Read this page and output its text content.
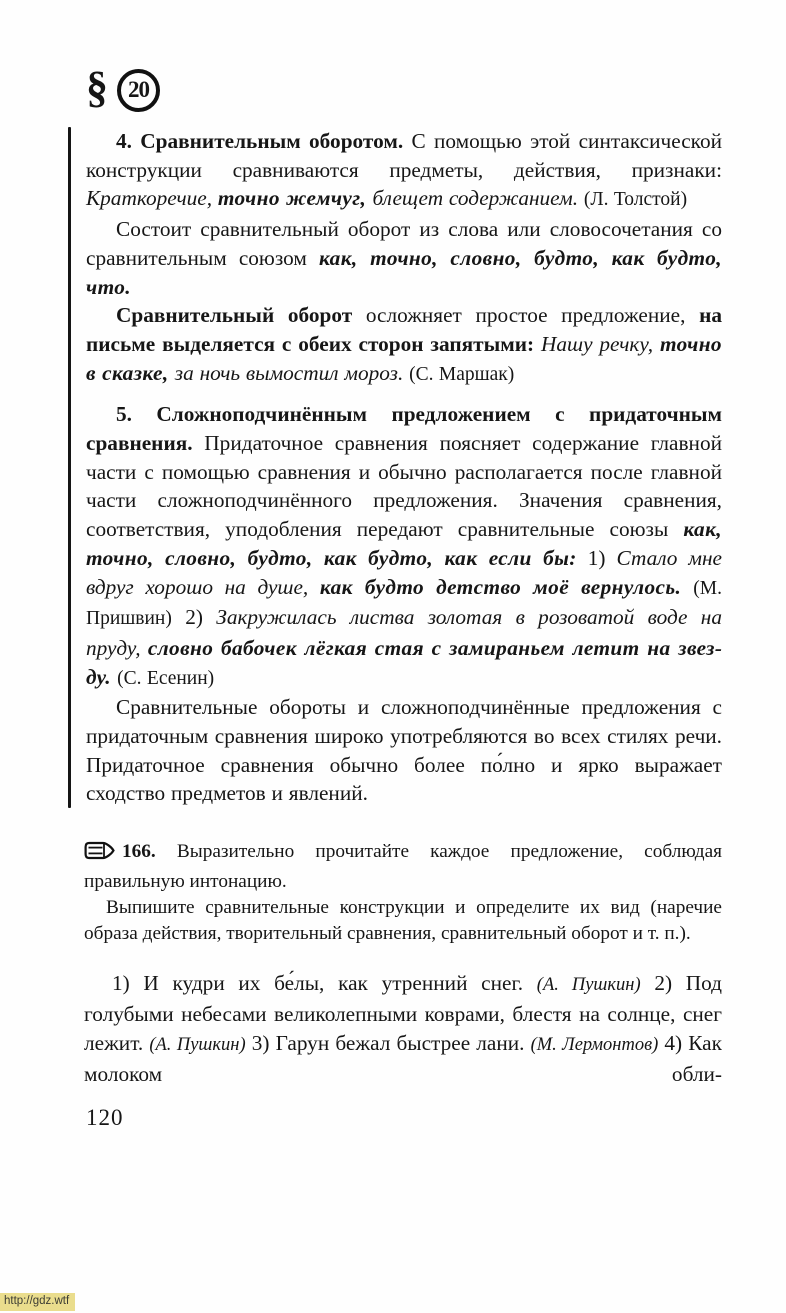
§ 20

4. Сравнительным оборотом. С помощью этой синтаксической конструкции сравниваются предметы, действия, признаки: Краткоречие, точно жемчуг, блещет содержанием. (Л. Толстой)

Состоит сравнительный оборот из слова или словосочетания со сравнительным союзом как, точно, словно, будто, как будто, что.

Сравнительный оборот осложняет простое предложение, на письме выделяется с обеих сторон запятыми: Нашу речку, точно в сказке, за ночь вымостил мороз. (С. Маршак)

5. Сложноподчинённым предложением с придаточным сравнения. Придаточное сравнения поясняет содержание главной части с помощью сравнения и обычно располагается после главной части сложноподчинённого предложения. Значения сравнения, соответствия, уподобления передают сравнительные союзы как, точно, словно, будто, как будто, как если бы: 1) Стало мне вдруг хорошо на душе, как будто детство моё вернулось. (М. Пришвин) 2) Закружилась листва золотая в розоватой воде на пруду, словно бабочек лёгкая стая с замираньем летит на звезду. (С. Есенин)

Сравнительные обороты и сложноподчинённые предложения с придаточным сравнения широко употребляются во всех стилях речи. Придаточное сравнения обычно более по́лно и ярко выражает сходство предметов и явлений.

166. Выразительно прочитайте каждое предложение, соблюдая правильную интонацию.

Выпишите сравнительные конструкции и определите их вид (наречие образа действия, творительный сравнения, сравнительный оборот и т. п.).

1) И кудри их бе́лы, как утренний снег. (А. Пушкин) 2) Под голубыми небесами великолепными коврами, блестя на солнце, снег лежит. (А. Пушкин) 3) Гарун бежал быстрее лани. (М. Лермонтов) 4) Как молоком обли-

120
http://gdz.wtf
